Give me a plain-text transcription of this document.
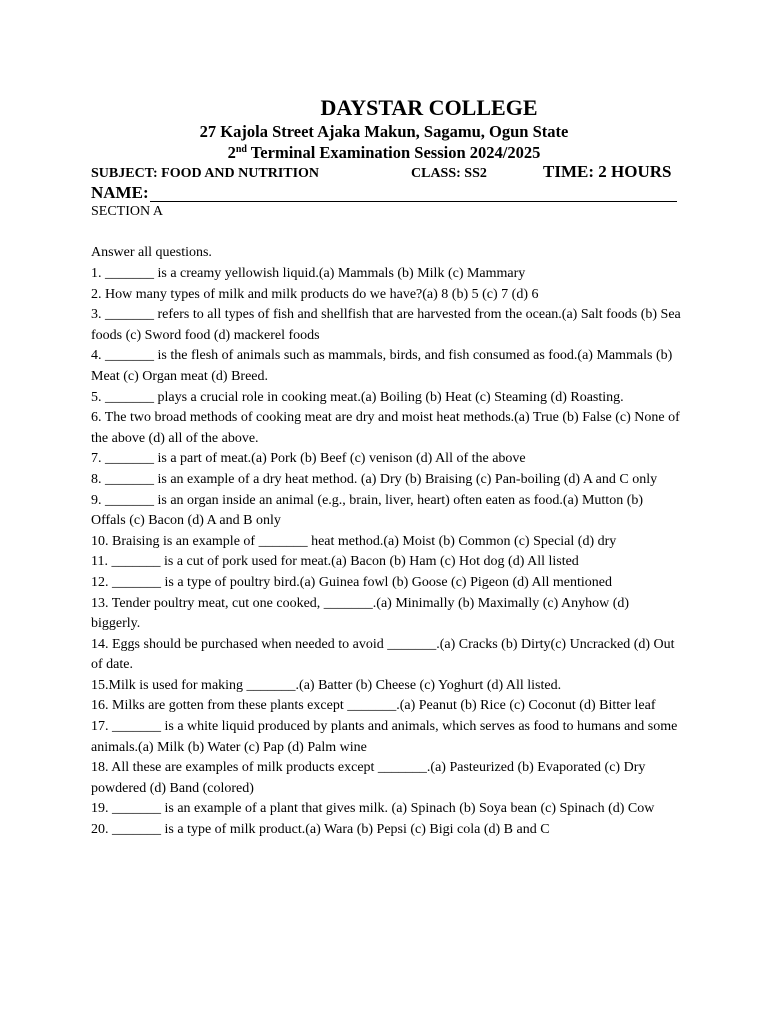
DAYSTAR COLLEGE
27 Kajola Street Ajaka Makun, Sagamu, Ogun State
2nd Terminal Examination Session 2024/2025
SUBJECT: FOOD AND NUTRITION	CLASS: SS2	TIME: 2 HOURS
NAME:
SECTION A
Answer all questions.
1. _______ is a creamy yellowish liquid.(a) Mammals (b) Milk (c) Mammary
2. How many types of milk and milk products do we have?(a) 8 (b) 5 (c) 7 (d) 6
3. _______ refers to all types of fish and shellfish that are harvested from the ocean.(a) Salt foods (b) Sea foods (c) Sword food (d) mackerel foods
4. _______ is the flesh of animals such as mammals, birds, and fish consumed as food.(a) Mammals (b) Meat (c) Organ meat (d) Breed.
5. _______ plays a crucial role in cooking meat.(a) Boiling (b) Heat (c) Steaming (d) Roasting.
6. The two broad methods of cooking meat are dry and moist heat methods.(a) True (b) False (c) None of the above (d) all of the above.
7. _______ is a part of meat.(a) Pork (b) Beef (c) venison (d) All of the above
8. _______ is an example of a dry heat method. (a) Dry (b) Braising (c) Pan-boiling (d) A and C only
9. _______ is an organ inside an animal (e.g., brain, liver, heart) often eaten as food.(a) Mutton (b) Offals (c) Bacon (d) A and B only
10. Braising is an example of _______ heat method.(a) Moist (b) Common (c) Special (d) dry
11. _______ is a cut of pork used for meat.(a) Bacon (b) Ham (c) Hot dog (d) All listed
12. _______ is a type of poultry bird.(a) Guinea fowl (b) Goose (c) Pigeon (d) All mentioned
13. Tender poultry meat, cut one cooked, _______.(a) Minimally (b) Maximally (c) Anyhow (d) biggerly.
14. Eggs should be purchased when needed to avoid _______.(a) Cracks (b) Dirty(c) Uncracked (d) Out of date.
15.Milk is used for making _______.(a) Batter (b) Cheese (c) Yoghurt (d) All listed.
16. Milks are gotten from these plants except _______.(a) Peanut (b) Rice (c) Coconut (d) Bitter leaf
17. _______ is a white liquid produced by plants and animals, which serves as food to humans and some animals.(a) Milk (b) Water (c) Pap (d) Palm wine
18. All these are examples of milk products except _______.(a) Pasteurized (b) Evaporated (c) Dry powdered (d) Band (colored)
19. _______ is an example of a plant that gives milk. (a) Spinach (b) Soya bean (c) Spinach (d) Cow
20. _______ is a type of milk product.(a) Wara (b) Pepsi (c) Bigi cola (d) B and C
